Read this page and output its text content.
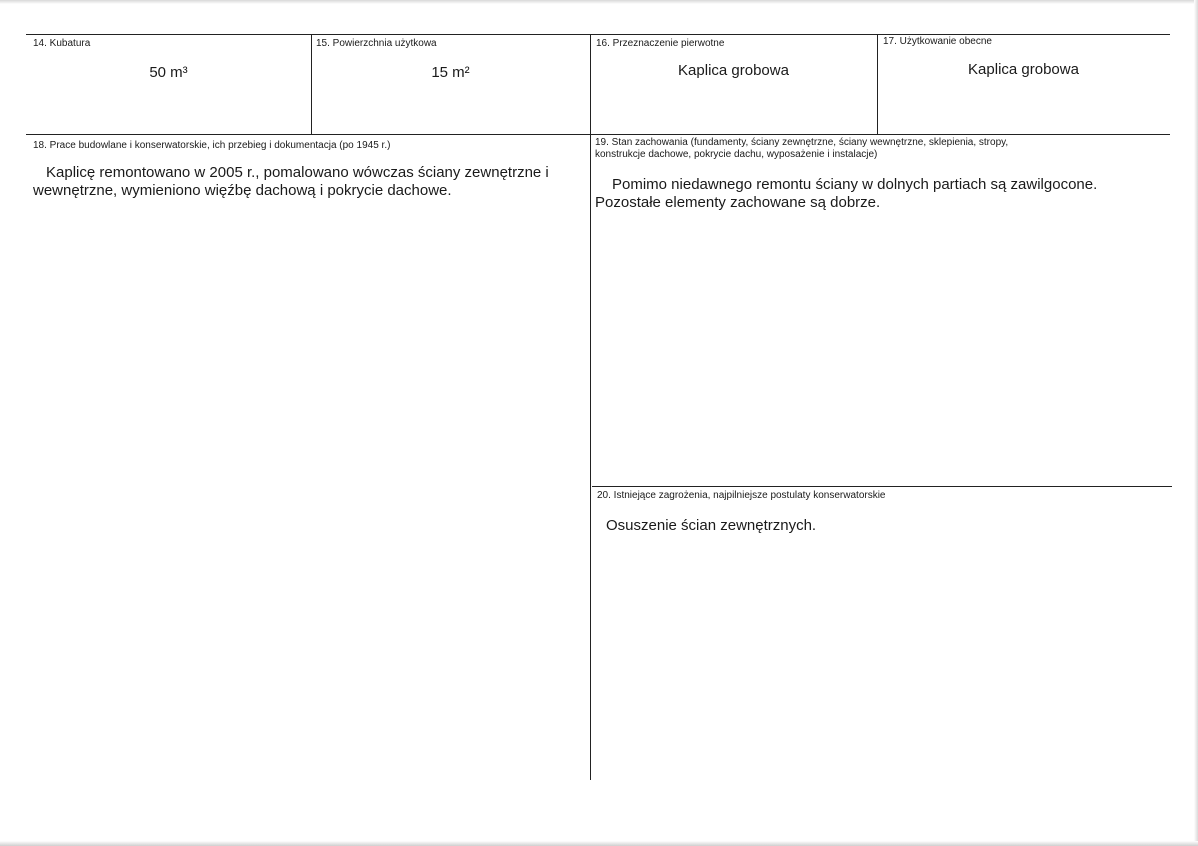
14. Kubatura
50 m³
15. Powierzchnia użytkowa
15 m²
16. Przeznaczenie pierwotne
Kaplica grobowa
17. Użytkowanie obecne
Kaplica grobowa
18. Prace budowlane i konserwatorskie, ich przebieg i dokumentacja (po 1945 r.)
Kaplicę remontowano w 2005 r., pomalowano wówczas ściany zewnętrzne i
wewnętrzne, wymieniono więźbę dachową i pokrycie dachowe.
19. Stan zachowania (fundamenty, ściany zewnętrzne, ściany wewnętrzne, sklepienia, stropy,
konstrukcje dachowe, pokrycie dachu, wyposażenie i instalacje)
Pomimo niedawnego remontu ściany w dolnych partiach są zawilgocone.
Pozostałe elementy zachowane są dobrze.
20. Istniejące zagrożenia, najpilniejsze postulaty konserwatorskie
Osuszenie ścian zewnętrznych.
